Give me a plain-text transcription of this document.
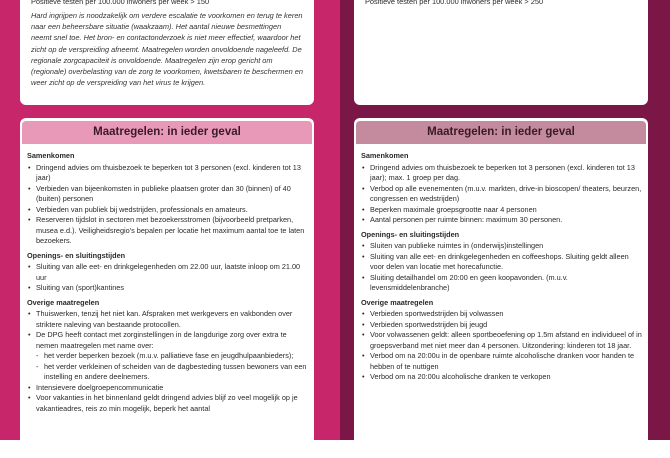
Positieve testen per 100.000 inwoners per week > 150
Hard ingrijpen is noodzakelijk om verdere escalatie te voorkomen en terug te keren naar een beheersbare situatie (waakzaam). Het aantal nieuwe besmettingen neemt snel toe. Het bron- en contactonderzoek is niet meer effectief, waardoor het zicht op de verspreiding afneemt. Maatregelen worden onvoldoende nageleefd. De regionale zorgcapaciteit is onvoldoende. Maatregelen zijn erop gericht om (regionale) overbelasting van de zorg te voorkomen, kwetsbaren te beschermen en weer zicht op de verspreiding van het virus te krijgen.
Positieve testen per 100.000 inwoners per week > 250
Maatregelen: in ieder geval
Samenkomen
• Dringend advies om thuisbezoek te beperken tot 3 personen (excl. kinderen tot 13 jaar)
• Verbieden van bijeenkomsten in publieke plaatsen groter dan 30 (binnen) of 40 (buiten) personen
• Verbieden van publiek bij wedstrijden, professionals en amateurs.
• Reserveren tijdslot in sectoren met bezoekersstromen (bijvoorbeeld pretparken, musea e.d.). Veiligheidsregio's bepalen per locatie het maximum aantal toe te laten bezoekers.
Openings- en sluitingstijden
• Sluiting van alle eet- en drinkgelegenheden om 22.00 uur, laatste inloop om 21.00 uur
• Sluiting van (sport)kantines
Overige maatregelen
• Thuiswerken, tenzij het niet kan. Afspraken met werkgevers en vakbonden over striktere naleving van bestaande protocollen.
• De DPG heeft contact met zorginstellingen in de langdurige zorg over extra te nemen maatregelen met name over:
- het verder beperken bezoek (m.u.v. palliatieve fase en jeugdhulpaanbieders);
- het verder verkleinen of scheiden van de dagbesteding tussen bewoners van een instelling en andere deelnemers.
• Intensievere doelgroepencommunicatie
• Voor vakanties in het binnenland geldt dringend advies blijf zo veel mogelijk op je vakantieadres, reis zo min mogelijk, beperk het aantal
Maatregelen: in ieder geval
Samenkomen
• Dringend advies om thuisbezoek te beperken tot 3 personen (excl. kinderen tot 13 jaar); max. 1 groep per dag.
• Verbod op alle evenementen (m.u.v. markten, drive-in bioscopen/ theaters, beurzen, congressen en wedstrijden)
• Beperken maximale groepsgrootte naar 4 personen
• Aantal personen per ruimte binnen: maximum 30 personen.
Openings- en sluitingstijden
• Sluiten van publieke ruimtes in (onderwijs)instellingen
• Sluiting van alle eet- en drinkgelegenheden en coffeeshops. Sluiting geldt alleen voor delen van locatie met horecafunctie.
• Sluiting detailhandel om 20:00 en geen koopavonden. (m.u.v. levensmiddelenbranche)
Overige maatregelen
• Verbieden sportwedstrijden bij volwassen
• Verbieden sportwedstrijden bij jeugd
• Voor volwassenen geldt: alleen sportbeoefening op 1.5m afstand en individueel of in groepsverband met niet meer dan 4 personen. Uitzondering: kinderen tot 18 jaar.
• Verbod om na 20:00u in de openbare ruimte alcoholische dranken voor handen te hebben of te nuttigen
• Verbod om na 20:00u alcoholische dranken te verkopen
